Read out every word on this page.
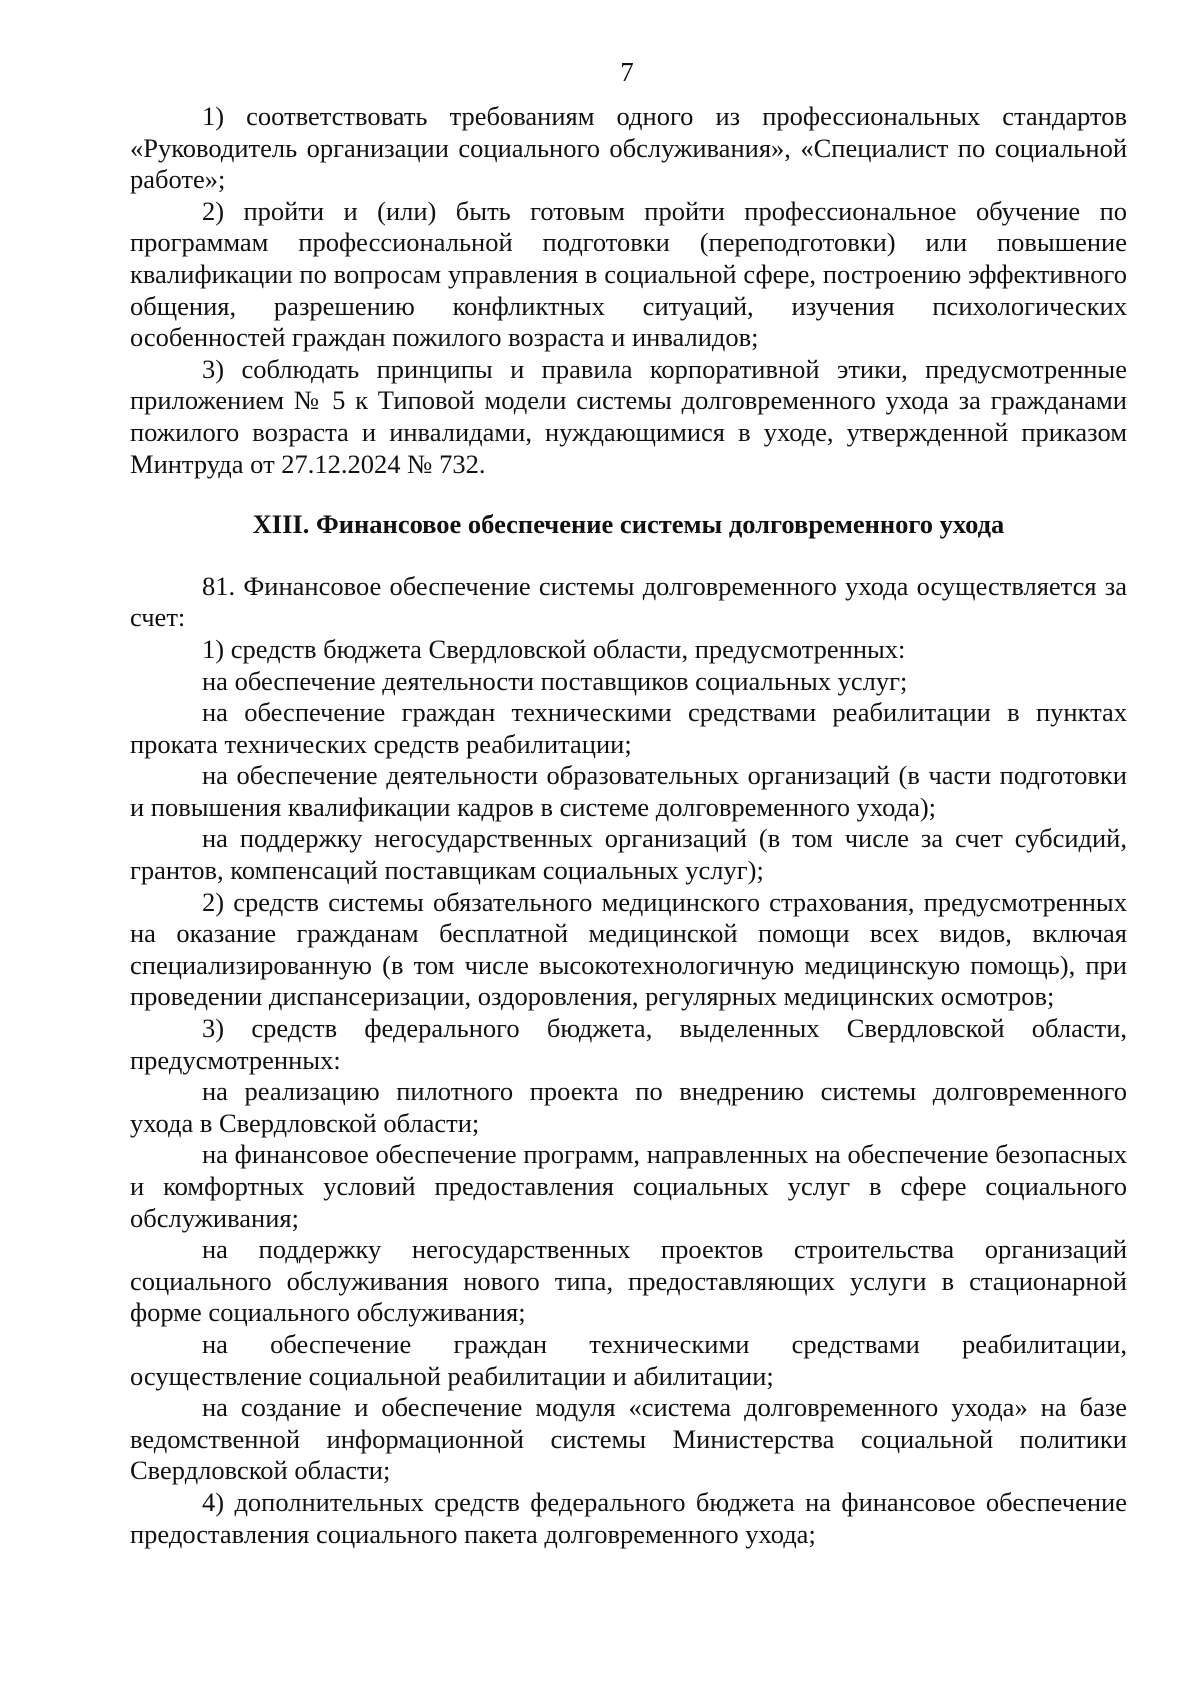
7

1) соответствовать требованиям одного из профессиональных стандартов «Руководитель организации социального обслуживания», «Специалист по социальной работе»;

2) пройти и (или) быть готовым пройти профессиональное обучение по программам профессиональной подготовки (переподготовки) или повышение квалификации по вопросам управления в социальной сфере, построению эффективного общения, разрешению конфликтных ситуаций, изучения психологических особенностей граждан пожилого возраста и инвалидов;

3) соблюдать принципы и правила корпоративной этики, предусмотренные приложением № 5 к Типовой модели системы долговременного ухода за гражданами пожилого возраста и инвалидами, нуждающимися в уходе, утвержденной приказом Минтруда от 27.12.2024 № 732.

XIII. Финансовое обеспечение системы долговременного ухода

81. Финансовое обеспечение системы долговременного ухода осуществляется за счет:

1) средств бюджета Свердловской области, предусмотренных:

на обеспечение деятельности поставщиков социальных услуг;

на обеспечение граждан техническими средствами реабилитации в пунктах проката технических средств реабилитации;

на обеспечение деятельности образовательных организаций (в части подготовки и повышения квалификации кадров в системе долговременного ухода);

на поддержку негосударственных организаций (в том числе за счет субсидий, грантов, компенсаций поставщикам социальных услуг);

2) средств системы обязательного медицинского страхования, предусмотренных на оказание гражданам бесплатной медицинской помощи всех видов, включая специализированную (в том числе высокотехнологичную медицинскую помощь), при проведении диспансеризации, оздоровления, регулярных медицинских осмотров;

3) средств федерального бюджета, выделенных Свердловской области, предусмотренных:

на реализацию пилотного проекта по внедрению системы долговременного ухода в Свердловской области;

на финансовое обеспечение программ, направленных на обеспечение безопасных и комфортных условий предоставления социальных услуг в сфере социального обслуживания;

на поддержку негосударственных проектов строительства организаций социального обслуживания нового типа, предоставляющих услуги в стационарной форме социального обслуживания;

на обеспечение граждан техническими средствами реабилитации, осуществление социальной реабилитации и абилитации;

на создание и обеспечение модуля «система долговременного ухода» на базе ведомственной информационной системы Министерства социальной политики Свердловской области;

4) дополнительных средств федерального бюджета на финансовое обеспечение предоставления социального пакета долговременного ухода;
